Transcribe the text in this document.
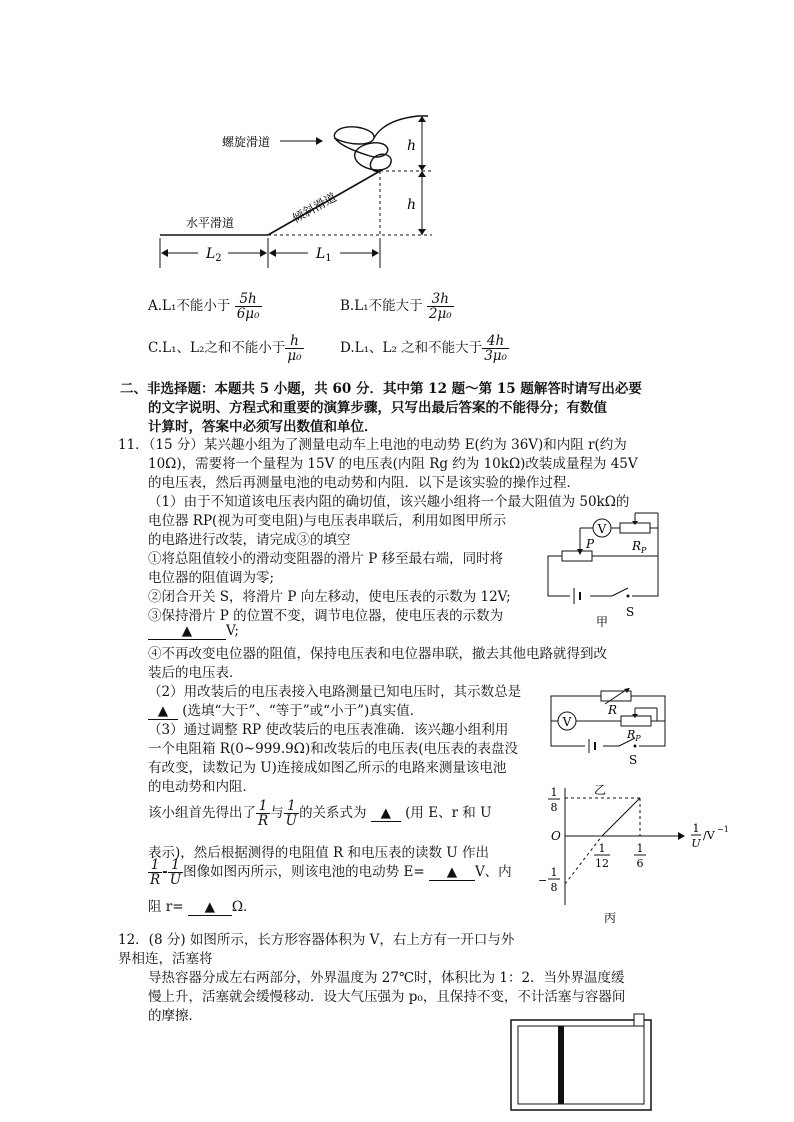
螺旋滑道
水平滑道	倾斜滑道
h
h
$L_2$	$L_1$
A.L₁不能小于 $\frac{5h}{\text{6μ₀}}$	B.L₁不能大于 $\frac{3h}{\text{2μ₀}}$
C.L₁、L₂之和不能小于 $\frac{h}{\text{μ₀}}$	D.L₁、L₂ 之和不能大于 $\frac{4h}{\text{3μ₀}}$
二、非选择题：本题共 5 小题，共 60 分．其中第 12 题～第 15 题解答时请写出必要
的文字说明、方程式和重要的演算步骤，只写出最后答案的不能得分；有数值
计算时，答案中必须写出数值和单位．
11．（15 分）某兴趣小组为了测量电动车上电池的电动势 E(约为 36V)和内阻 r(约为
10Ω)，需要将一个量程为 15V 的电压表(内阻 Rg 约为 10kΩ)改装成量程为 45V
的电压表，然后再测量电池的电动势和内阻．以下是该实验的操作过程．
（1）由于不知道该电压表内阻的确切值，该兴趣小组将一个最大阻值为 50kΩ的
电位器 RP(视为可变电阻)与电压表串联后，利用如图甲所示
的电路进行改装，请完成③的填空
①将总阻值较小的滑动变阻器的滑片 P 移至最右端，同时将
电位器的阻值调为零;
②闭合开关 S，将滑片 P 向左移动，使电压表的示数为 12V;
③保持滑片 P 的位置不变，调节电位器，使电压表的示数为
▲	V;
④不再改变电位器的阻值，保持电压表和电位器串联，撤去其他电路就得到改
装后的电压表．
（2）用改装后的电压表接入电路测量已知电压时，其示数总是
▲ (选填“大于”、“等于”或“小于”)真实值．
（3）通过调整 RP 使改装后的电压表准确．该兴趣小组利用
一个电阻箱 R(0~999.9Ω)和改装后的电压表(电压表的表盘没
有改变，读数记为 U)连接成如图乙所示的电路来测量该电池
的电动势和内阻．
该小组首先得出了 $\frac{1}{R}$ 与 $\frac{1}{U}$ 的关系式为 ▲ (用 E、r 和 U
表示)，然后根据测得的电阻值 R 和电压表的读数 U 作出
$\frac{1}{R} - \frac{1}{U}$ 图像如图丙所示，则该电池的电动势 E= ▲ V、内
阻 r= ▲ Ω．
V
P	$R_P$
S
甲
V
R
$R_P$
S
乙
1
8
O
−
1
8
1
12
1
6
1
U
/V −1
丙
12．(8 分) 如图所示，长方形容器体积为 V，右上方有一开口与外
界相连，活塞将
导热容器分成左右两部分，外界温度为 27℃时，体积比为 1：2．当外界温度缓
慢上升，活塞就会缓慢移动．设大气压强为 p₀，且保持不变，不计活塞与容器间
的摩擦．
